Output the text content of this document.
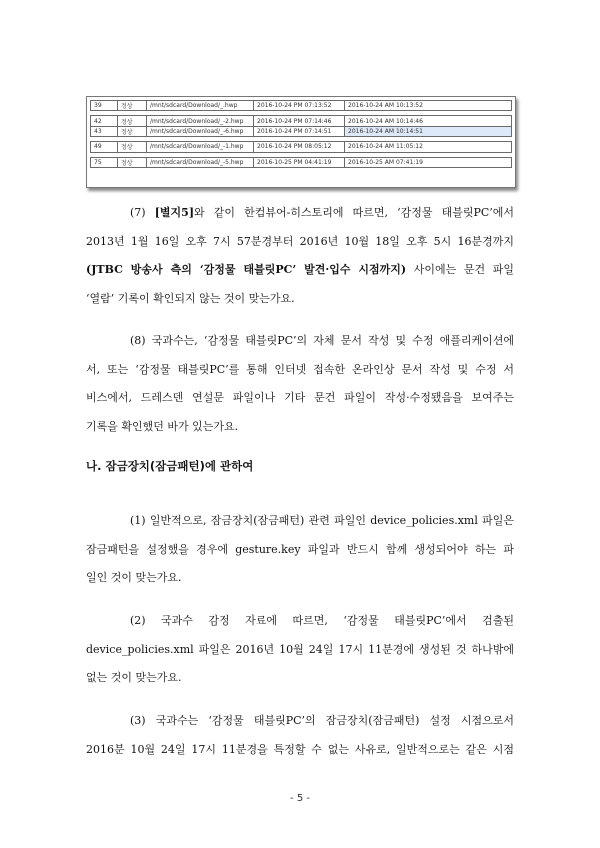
39	정상	/mnt/sdcard/Download/_.hwp	2016-10-24 PM 07:13:52	2016-10-24 AM 10:13:52

42	정상	/mnt/sdcard/Download/_-2.hwp	2016-10-24 PM 07:14:46	2016-10-24 AM 10:14:46
43	정상	/mnt/sdcard/Download/_-6.hwp	2016-10-24 PM 07:14:51	2016-10-24 AM 10:14:51

49	정상	/mnt/sdcard/Download/_-1.hwp	2016-10-24 PM 08:05:12	2016-10-24 AM 11:05:12

75	정상	/mnt/sdcard/Download/_-5.hwp	2016-10-25 PM 04:41:19	2016-10-25 AM 07:41:19
(7) [별지5]와 같이 한컴뷰어-히스토리에 따르면, ‘감정물 태블릿PC’에서
2013년 1월 16일 오후 7시 57분경부터 2016년 10월 18일 오후 5시 16분경까지
(JTBC 방송사 측의 ‘감정물 태블릿PC’ 발견·입수 시점까지) 사이에는 문건 파일
‘열람’ 기록이 확인되지 않는 것이 맞는가요.
(8) 국과수는, ‘감정물 태블릿PC’의 자체 문서 작성 및 수정 애플리케이션에
서, 또는 ‘감정물 태블릿PC’를 통해 인터넷 접속한 온라인상 문서 작성 및 수정 서
비스에서, 드레스덴 연설문 파일이나 기타 문건 파일이 작성·수정됐음을 보여주는
기록을 확인했던 바가 있는가요.
나. 잠금장치(잠금패턴)에 관하여
(1) 일반적으로, 잠금장치(잠금패턴) 관련 파일인 device_policies.xml 파일은
잠금패턴을 설정했을 경우에 gesture.key 파일과 반드시 함께 생성되어야 하는 파
일인 것이 맞는가요.
(2) 국과수 감정 자료에 따르면, ‘감정물 태블릿PC’에서 검출된
device_policies.xml 파일은 2016년 10월 24일 17시 11분경에 생성된 것 하나밖에
없는 것이 맞는가요.
(3) 국과수는 ‘감정물 태블릿PC’의 잠금장치(잠금패턴) 설정 시점으로서
2016분 10월 24일 17시 11분경을 특정할 수 없는 사유로, 일반적으로는 같은 시점
- 5 -
